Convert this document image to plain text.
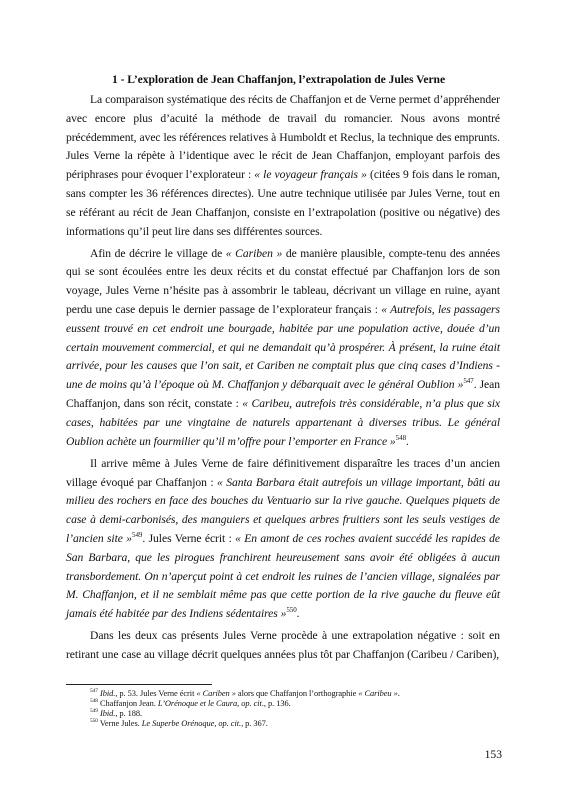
1 - L’exploration de Jean Chaffanjon, l’extrapolation de Jules Verne

La comparaison systématique des récits de Chaffanjon et de Verne permet d’appréhender avec encore plus d’acuité la méthode de travail du romancier. Nous avons montré précédemment, avec les références relatives à Humboldt et Reclus, la technique des emprunts. Jules Verne la répète à l’identique avec le récit de Jean Chaffanjon, employant parfois des périphrases pour évoquer l’explorateur : « le voyageur français » (citées 9 fois dans le roman, sans compter les 36 références directes). Une autre technique utilisée par Jules Verne, tout en se référant au récit de Jean Chaffanjon, consiste en l’extrapolation (positive ou négative) des informations qu’il peut lire dans ses différentes sources.

Afin de décrire le village de « Cariben » de manière plausible, compte-tenu des années qui se sont écoulées entre les deux récits et du constat effectué par Chaffanjon lors de son voyage, Jules Verne n’hésite pas à assombrir le tableau, décrivant un village en ruine, ayant perdu une case depuis le dernier passage de l’explorateur français : « Autrefois, les passagers eussent trouvé en cet endroit une bourgade, habitée par une population active, douée d’un certain mouvement commercial, et qui ne demandait qu’à prospérer. À présent, la ruine était arrivée, pour les causes que l’on sait, et Cariben ne comptait plus que cinq cases d’Indiens - une de moins qu’à l’époque où M. Chaffanjon y débarquait avec le général Oublion »$^{547}$. Jean Chaffanjon, dans son récit, constate : « Caribeu, autrefois très considérable, n’a plus que six cases, habitées par une vingtaine de naturels appartenant à diverses tribus. Le général Oublion achète un fourmilier qu’il m’offre pour l’emporter en France »$^{548}$.

Il arrive même à Jules Verne de faire définitivement disparaître les traces d’un ancien village évoqué par Chaffanjon : « Santa Barbara était autrefois un village important, bâti au milieu des rochers en face des bouches du Ventuario sur la rive gauche. Quelques piquets de case à demi-carbonisés, des manguiers et quelques arbres fruitiers sont les seuls vestiges de l’ancien site »$^{549}$. Jules Verne écrit : « En amont de ces roches avaient succédé les rapides de San Barbara, que les pirogues franchirent heureusement sans avoir été obligées à aucun transbordement. On n’aperçut point à cet endroit les ruines de l’ancien village, signalées par M. Chaffanjon, et il ne semblait même pas que cette portion de la rive gauche du fleuve eût jamais été habitée par des Indiens sédentaires »$^{550}$.

Dans les deux cas présents Jules Verne procède à une extrapolation négative : soit en retirant une case au village décrit quelques années plus tôt par Chaffanjon (Caribeu / Cariben),

$^{547}$ Ibid., p. 53. Jules Verne écrit « Cariben » alors que Chaffanjon l’orthographie « Caribeu ».

$^{548}$ Chaffanjon Jean. L’Orénoque et le Caura, op. cit., p. 136.

$^{549}$ Ibid., p. 188.

$^{550}$ Verne Jules. Le Superbe Orénoque, op. cit., p. 367.

153
